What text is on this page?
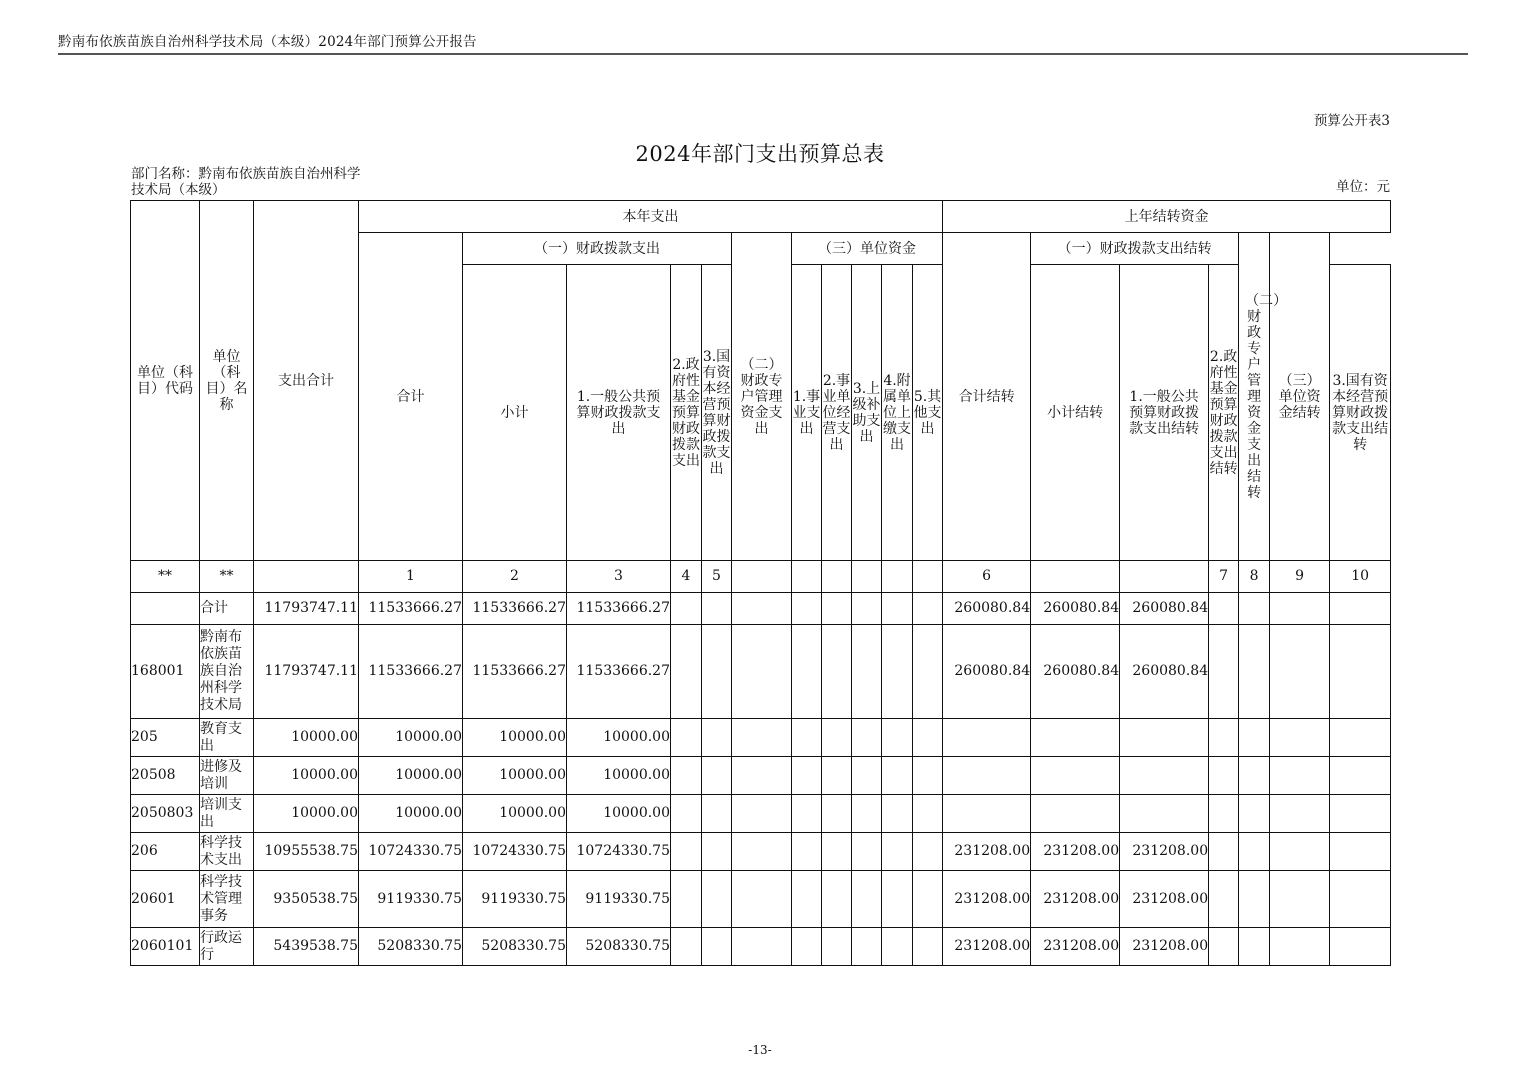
黔南布依族苗族自治州科学技术局（本级）2024年部门预算公开报告
预算公开表3
2024年部门支出预算总表
部门名称：黔南布依族苗族自治州科学技术局（本级）	单位：元
单位（科目）代码	单位（科目）名称	支出合计	本年支出											上年结转资金						
			合计	（一）财政拨款支出				（二）财政专户管理资金支出	（三）单位资金					合计结转	（一）财政拨款支出结转			（二）财政专户管理资金支出结转	（三）单位资金结转	
				小计	1.一般公共预算财政拨款支出	2.政府性基金预算财政拨款支出	3.国有资本经营预算财政拨款支出		1.事业支出	2.事业单位经营支出	3.上级补助支出	4.附属单位上缴支出	5.其他支出		小计结转	1.一般公共预算财政拨款支出结转	2.政府性基金预算财政拨款支出结转			3.国有资本经营预算财政拨款支出结转
**	**		1	2	3	4	5							6			7	8	9	10
	合计	11793747.11	11533666.27	11533666.27	11533666.27									260080.84	260080.84	260080.84				
168001	黔南布依族苗族自治州科学技术局	11793747.11	11533666.27	11533666.27	11533666.27									260080.84	260080.84	260080.84				
205	教育支出	10000.00	10000.00	10000.00	10000.00															
20508	进修及培训	10000.00	10000.00	10000.00	10000.00															
2050803	培训支出	10000.00	10000.00	10000.00	10000.00															
206	科学技术支出	10955538.75	10724330.75	10724330.75	10724330.75									231208.00	231208.00	231208.00				
20601	科学技术管理事务	9350538.75	9119330.75	9119330.75	9119330.75									231208.00	231208.00	231208.00				
2060101	行政运行	5439538.75	5208330.75	5208330.75	5208330.75									231208.00	231208.00	231208.00				
-13-
